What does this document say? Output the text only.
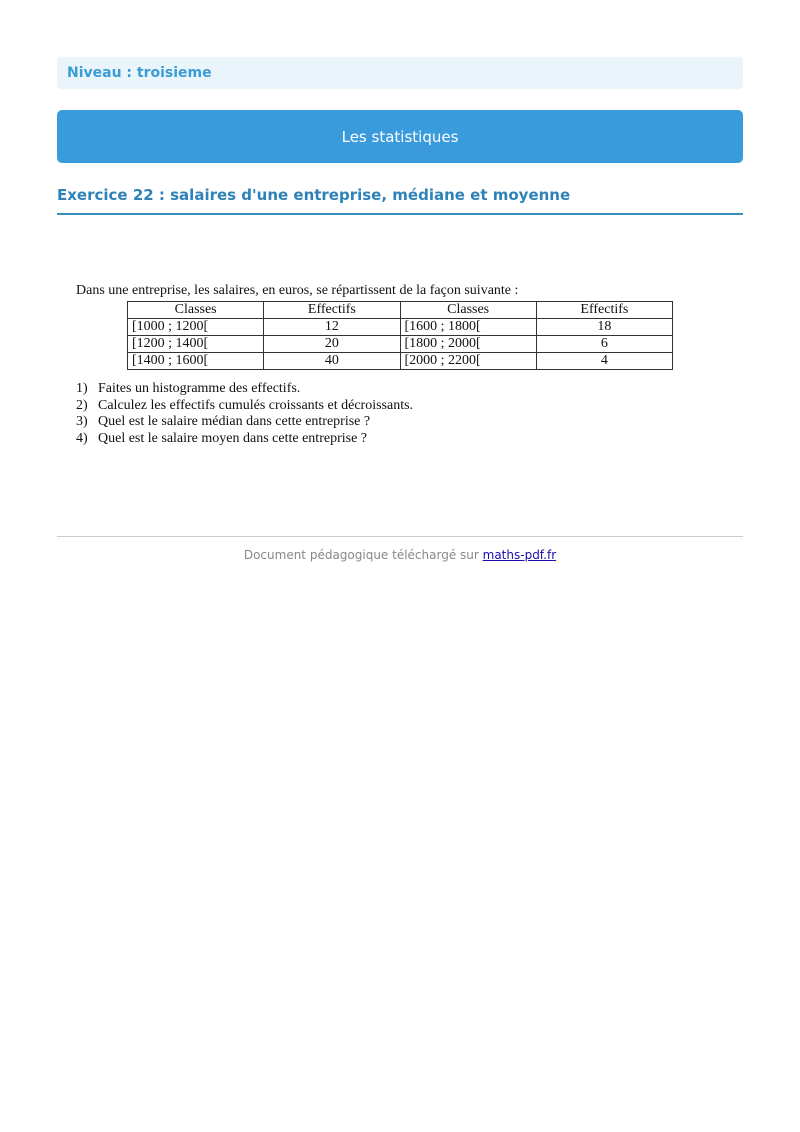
Niveau : troisieme
Les statistiques
Exercice 22 : salaires d'une entreprise, médiane et moyenne

Dans une entreprise, les salaires, en euros, se répartissent de la façon suivante :

Classes	Effectifs	Classes	Effectifs
[1000 ; 1200[	12	[1600 ; 1800[	18
[1200 ; 1400[	20	[1800 ; 2000[	6
[1400 ; 1600[	40	[2000 ; 2200[	4
1) Faites un histogramme des effectifs.
2) Calculez les effectifs cumulés croissants et décroissants.
3) Quel est le salaire médian dans cette entreprise ?
4) Quel est le salaire moyen dans cette entreprise ?
Document pédagogique téléchargé sur maths-pdf.fr
